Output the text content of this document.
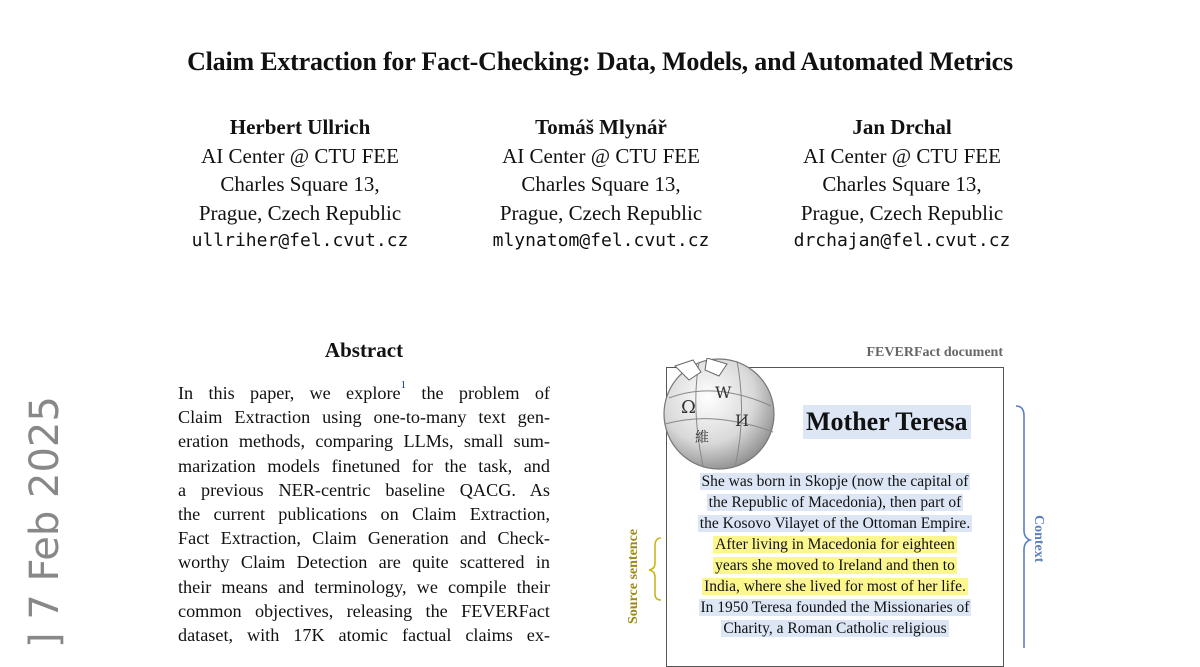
Claim Extraction for Fact-Checking: Data, Models, and Automated Metrics
Herbert Ullrich
AI Center @ CTU FEE
Charles Square 13,
Prague, Czech Republic
ullriher@fel.cvut.cz
Tomáš Mlynář
AI Center @ CTU FEE
Charles Square 13,
Prague, Czech Republic
mlynatom@fel.cvut.cz
Jan Drchal
AI Center @ CTU FEE
Charles Square 13,
Prague, Czech Republic
drchajan@fel.cvut.cz
] 7 Feb 2025
Abstract
In this paper, we explore$^1$ the problem of
Claim Extraction using one-to-many text gen-
eration methods, comparing LLMs, small sum-
marization models finetuned for the task, and
a previous NER-centric baseline QACG. As
the current publications on Claim Extraction,
Fact Extraction, Claim Generation and Check-
worthy Claim Detection are quite scattered in
their means and terminology, we compile their
common objectives, releasing the FEVERFact
dataset, with 17K atomic factual claims ex-
FEVERFact document
Ω
W
И
維
Mother Teresa
She was born in Skopje (now the capital of
the Republic of Macedonia), then part of
the Kosovo Vilayet of the Ottoman Empire.
After living in Macedonia for eighteen
years she moved to Ireland and then to
India, where she lived for most of her life.
In 1950 Teresa founded the Missionaries of
Charity, a Roman Catholic religious
Context
Source sentence
